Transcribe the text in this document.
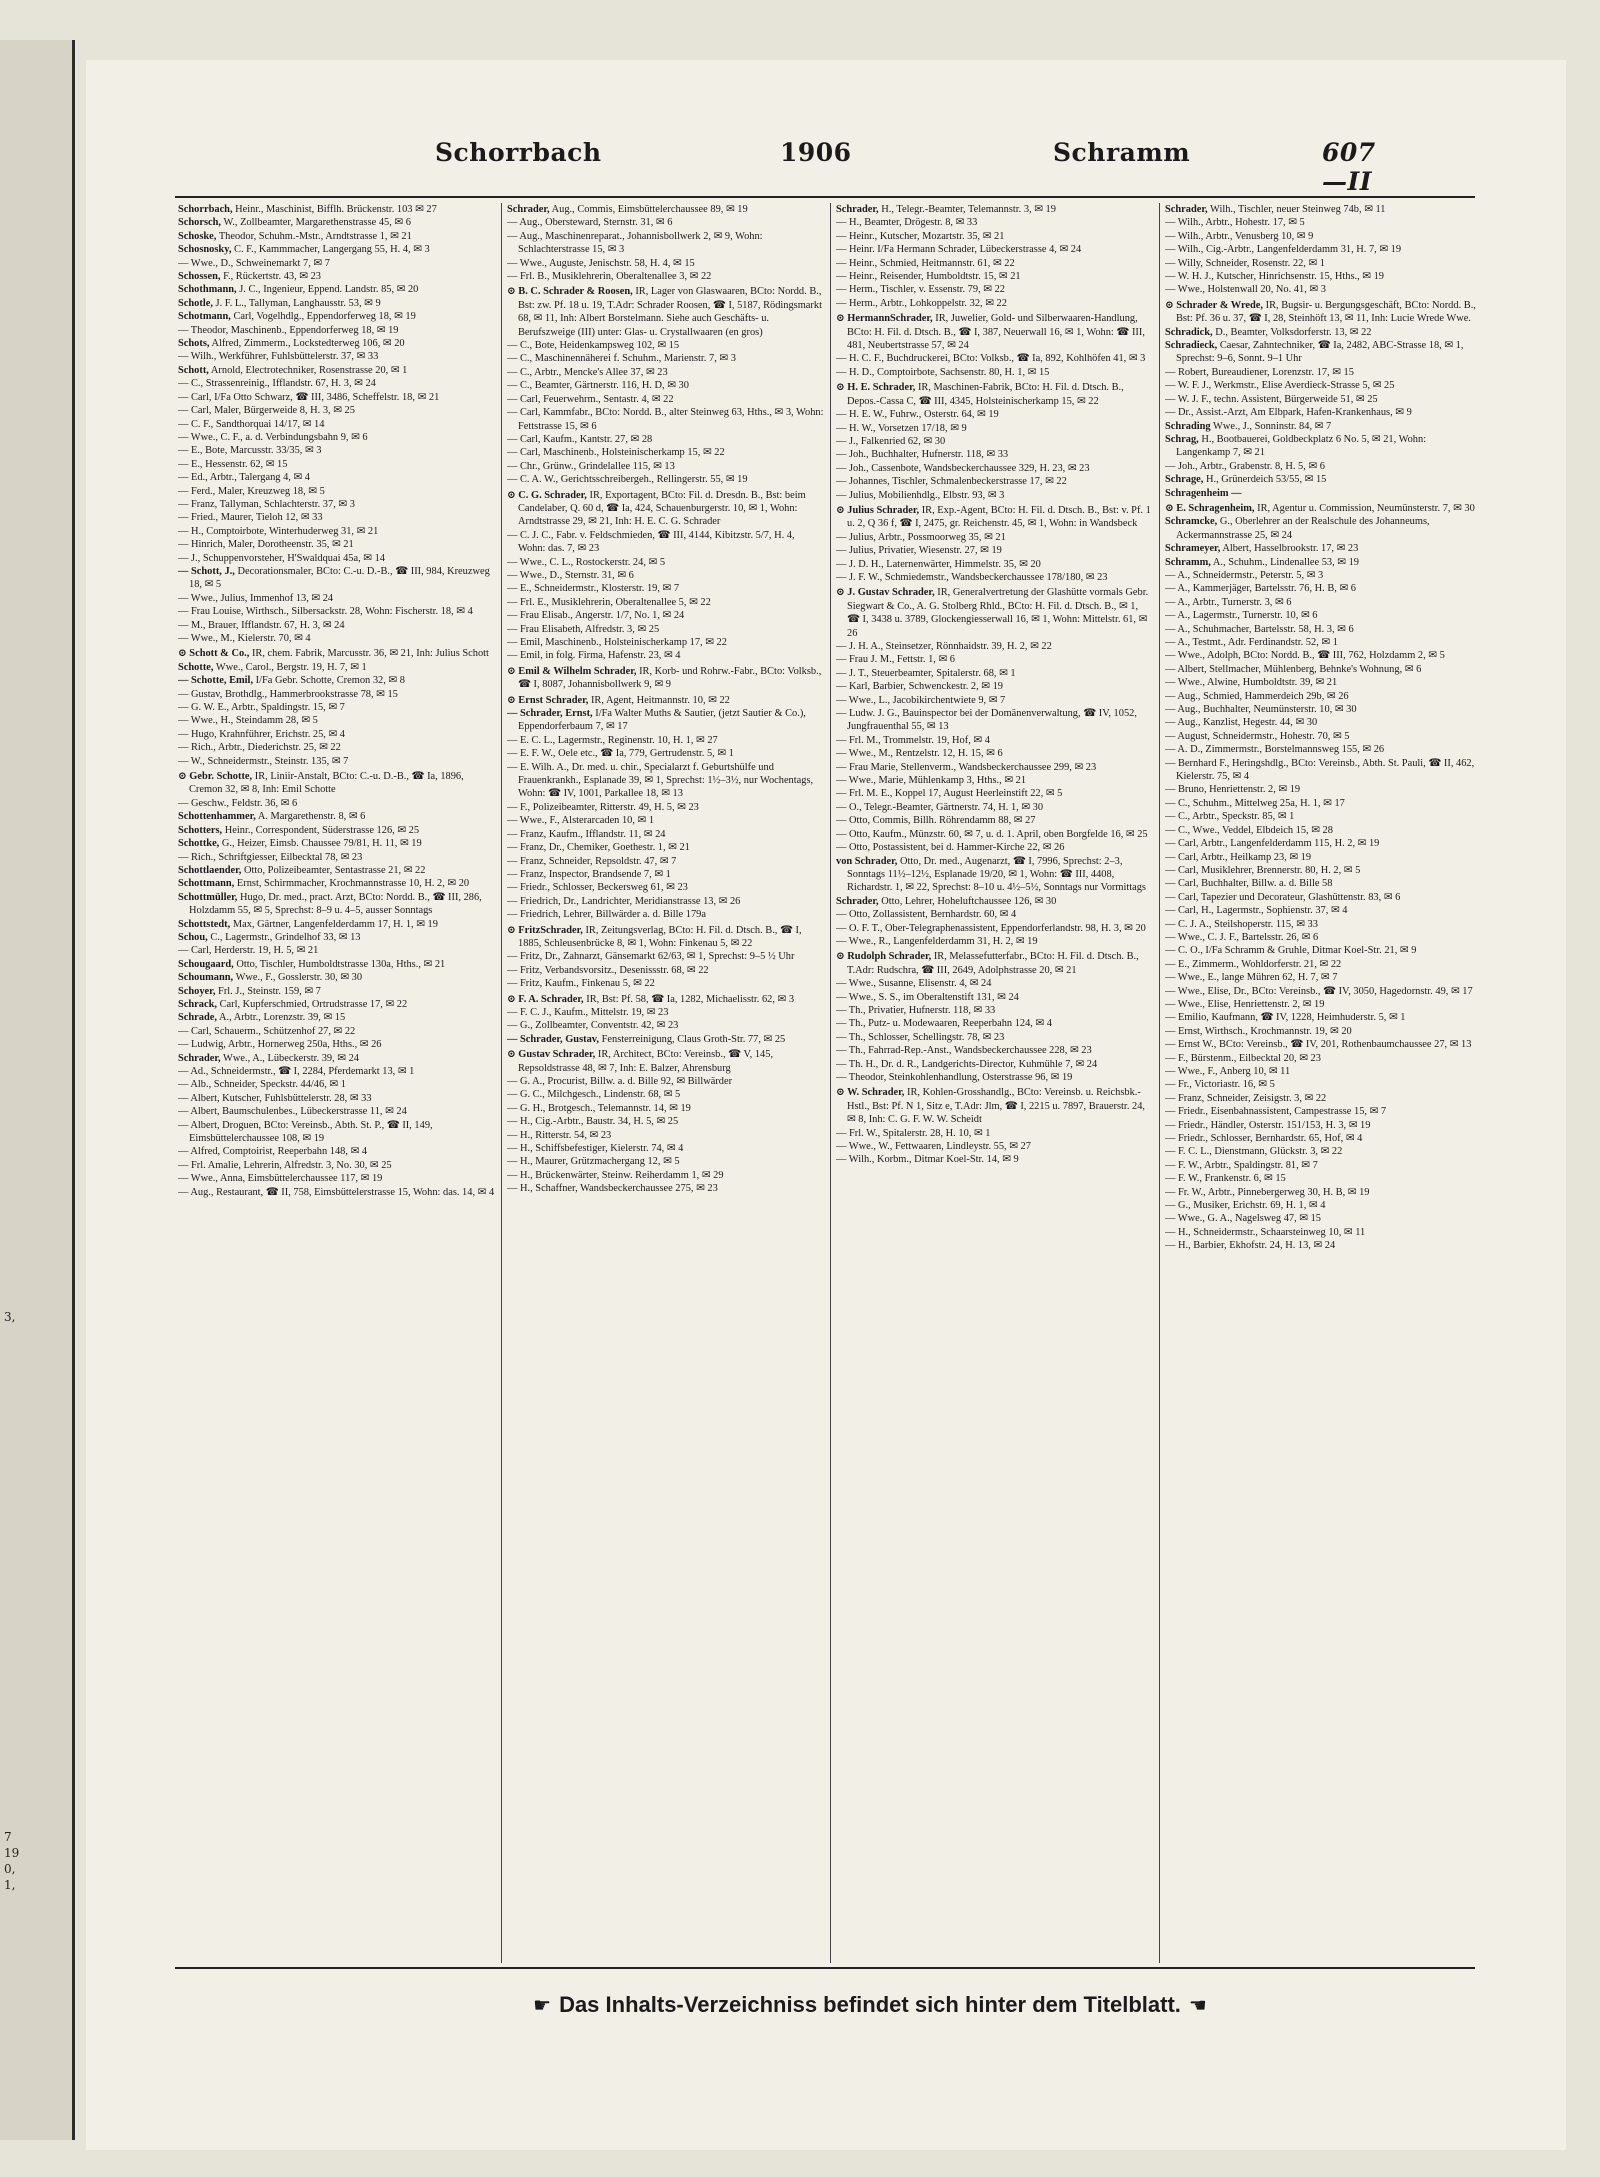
3,
7
19
0,
1,
Schorrbach	1906	Schramm	607—II
Schorrbach, Heinr., Maschinist, Bifflh. Brückenstr. 103 ✉ 27
Schorsch, W., Zollbeamter, Margarethenstrasse 45, ✉ 6
Schoske, Theodor, Schuhm.-Mstr., Arndtstrasse 1, ✉ 21
Schosnosky, C. F., Kammmacher, Langergang 55, H. 4, ✉ 3
— Wwe., D., Schweinemarkt 7, ✉ 7
Schossen, F., Rückertstr. 43, ✉ 23
Schothmann, J. C., Ingenieur, Eppend. Landstr. 85, ✉ 20
Schotle, J. F. L., Tallyman, Langhausstr. 53, ✉ 9
Schotmann, Carl, Vogelhdlg., Eppendorferweg 18, ✉ 19
— Theodor, Maschinenb., Eppendorferweg 18, ✉ 19
Schots, Alfred, Zimmerm., Lockstedterweg 106, ✉ 20
— Wilh., Werkführer, Fuhlsbüttelerstr. 37, ✉ 33
Schott, Arnold, Electrotechniker, Rosenstrasse 20, ✉ 1
— C., Strassenreinig., Ifflandstr. 67, H. 3, ✉ 24
— Carl, I/Fa Otto Schwarz, ☎ III, 3486, Scheffelstr. 18, ✉ 21
— Carl, Maler, Bürgerweide 8, H. 3, ✉ 25
— C. F., Sandthorquai 14/17, ✉ 14
— Wwe., C. F., a. d. Verbindungsbahn 9, ✉ 6
— E., Bote, Marcusstr. 33/35, ✉ 3
— E., Hessenstr. 62, ✉ 15
— Ed., Arbtr., Talergang 4, ✉ 4
— Ferd., Maler, Kreuzweg 18, ✉ 5
— Franz, Tallyman, Schlachterstr. 37, ✉ 3
— Fried., Maurer, Tieloh 12, ✉ 33
— H., Comptoirbote, Winterhuderweg 31, ✉ 21
— Hinrich, Maler, Dorotheenstr. 35, ✉ 21
— J., Schuppenvorsteher, H'Swaldquai 45a, ✉ 14
— Schott, J., Decorationsmaler, BCto: C.-u. D.-B., ☎ III, 984, Kreuzweg 18, ✉ 5
— Wwe., Julius, Immenhof 13, ✉ 24
— Frau Louise, Wirthsch., Silbersackstr. 28, Wohn: Fischerstr. 18, ✉ 4
— M., Brauer, Ifflandstr. 67, H. 3, ✉ 24
— Wwe., M., Kielerstr. 70, ✉ 4
⊙ Schott & Co., IR, chem. Fabrik, Marcusstr. 36, ✉ 21, Inh: Julius Schott
Schotte, Wwe., Carol., Bergstr. 19, H. 7, ✉ 1
— Schotte, Emil, I/Fa Gebr. Schotte, Cremon 32, ✉ 8
— Gustav, Brothdlg., Hammerbrookstrasse 78, ✉ 15
— G. W. E., Arbtr., Spaldingstr. 15, ✉ 7
— Wwe., H., Steindamm 28, ✉ 5
— Hugo, Krahnführer, Erichstr. 25, ✉ 4
— Rich., Arbtr., Diederichstr. 25, ✉ 22
— W., Schneidermstr., Steinstr. 135, ✉ 7
⊙ Gebr. Schotte, IR, Liniir-Anstalt, BCto: C.-u. D.-B., ☎ Ia, 1896, Cremon 32, ✉ 8, Inh: Emil Schotte
— Geschw., Feldstr. 36, ✉ 6
Schottenhammer, A. Margarethenstr. 8, ✉ 6
Schotters, Heinr., Correspondent, Süderstrasse 126, ✉ 25
Schottke, G., Heizer, Eimsb. Chaussee 79/81, H. 11, ✉ 19
— Rich., Schriftgiesser, Eilbecktal 78, ✉ 23
Schottlaender, Otto, Polizeibeamter, Sentastrasse 21, ✉ 22
Schottmann, Ernst, Schirmmacher, Krochmannstrasse 10, H. 2, ✉ 20
Schottmüller, Hugo, Dr. med., pract. Arzt, BCto: Nordd. B., ☎ III, 286, Holzdamm 55, ✉ 5, Sprechst: 8–9 u. 4–5, ausser Sonntags
Schottstedt, Max, Gärtner, Langenfelderdamm 17, H. 1, ✉ 19
Schou, C., Lagermstr., Grindelhof 33, ✉ 13
— Carl, Herderstr. 19, H. 5, ✉ 21
Schougaard, Otto, Tischler, Humboldtstrasse 130a, Hths., ✉ 21
Schoumann, Wwe., F., Gosslerstr. 30, ✉ 30
Schoyer, Frl. J., Steinstr. 159, ✉ 7
Schrack, Carl, Kupferschmied, Ortrudstrasse 17, ✉ 22
Schrade, A., Arbtr., Lorenzstr. 39, ✉ 15
— Carl, Schauerm., Schützenhof 27, ✉ 22
— Ludwig, Arbtr., Hornerweg 250a, Hths., ✉ 26
Schrader, Wwe., A., Lübeckerstr. 39, ✉ 24
— Ad., Schneidermstr., ☎ I, 2284, Pferdemarkt 13, ✉ 1
— Alb., Schneider, Speckstr. 44/46, ✉ 1
— Albert, Kutscher, Fuhlsbüttelerstr. 28, ✉ 33
— Albert, Baumschulenbes., Lübeckerstrasse 11, ✉ 24
— Albert, Droguen, BCto: Vereinsb., Abth. St. P., ☎ II, 149, Eimsbüttelerchaussee 108, ✉ 19
— Alfred, Comptoirist, Reeperbahn 148, ✉ 4
— Frl. Amalie, Lehrerin, Alfredstr. 3, No. 30, ✉ 25
— Wwe., Anna, Eimsbüttelerchaussee 117, ✉ 19
— Aug., Restaurant, ☎ II, 758, Eimsbüttelerstrasse 15, Wohn: das. 14, ✉ 4
Schrader, Aug., Commis, Eimsbüttelerchaussee 89, ✉ 19
— Aug., Obersteward, Sternstr. 31, ✉ 6
— Aug., Maschinenreparat., Johannisbollwerk 2, ✉ 9, Wohn: Schlachterstrasse 15, ✉ 3
— Wwe., Auguste, Jenischstr. 58, H. 4, ✉ 15
— Frl. B., Musiklehrerin, Oberaltenallee 3, ✉ 22
⊙ B. C. Schrader & Roosen, IR, Lager von Glaswaaren, BCto: Nordd. B., Bst: zw. Pf. 18 u. 19, T.Adr: Schrader Roosen, ☎ I, 5187, Rödingsmarkt 68, ✉ 11, Inh: Albert Borstelmann. Siehe auch Geschäfts- u. Berufszweige (III) unter: Glas- u. Crystallwaaren (en gros)
— C., Bote, Heidenkampsweg 102, ✉ 15
— C., Maschinennäherei f. Schuhm., Marienstr. 7, ✉ 3
— C., Arbtr., Mencke's Allee 37, ✉ 23
— C., Beamter, Gärtnerstr. 116, H. D, ✉ 30
— Carl, Feuerwehrm., Sentastr. 4, ✉ 22
— Carl, Kammfabr., BCto: Nordd. B., alter Steinweg 63, Hths., ✉ 3, Wohn: Fettstrasse 15, ✉ 6
— Carl, Kaufm., Kantstr. 27, ✉ 28
— Carl, Maschinenb., Holsteinischerkamp 15, ✉ 22
— Chr., Grünw., Grindelallee 115, ✉ 13
— C. A. W., Gerichtsschreibergeh., Rellingerstr. 55, ✉ 19
⊙ C. G. Schrader, IR, Exportagent, BCto: Fil. d. Dresdn. B., Bst: beim Candelaber, Q. 60 d, ☎ Ia, 424, Schauenburgerstr. 10, ✉ 1, Wohn: Arndtstrasse 29, ✉ 21, Inh: H. E. C. G. Schrader
— C. J. C., Fabr. v. Feldschmieden, ☎ III, 4144, Kibitzstr. 5/7, H. 4, Wohn: das. 7, ✉ 23
— Wwe., C. L., Rostockerstr. 24, ✉ 5
— Wwe., D., Sternstr. 31, ✉ 6
— E., Schneidermstr., Klosterstr. 19, ✉ 7
— Frl. E., Musiklehrerin, Oberaltenallee 5, ✉ 22
— Frau Elisab., Angerstr. 1/7, No. 1, ✉ 24
— Frau Elisabeth, Alfredstr. 3, ✉ 25
— Emil, Maschinenb., Holsteinischerkamp 17, ✉ 22
— Emil, in folg. Firma, Hafenstr. 23, ✉ 4
⊙ Emil & Wilhelm Schrader, IR, Korb- und Rohrw.-Fabr., BCto: Volksb., ☎ I, 8087, Johannisbollwerk 9, ✉ 9
⊙ Ernst Schrader, IR, Agent, Heitmannstr. 10, ✉ 22
— Schrader, Ernst, I/Fa Walter Muths & Sautier, (jetzt Sautier & Co.), Eppendorferbaum 7, ✉ 17
— E. C. L., Lagermstr., Reginenstr. 10, H. 1, ✉ 27
— E. F. W., Oele etc., ☎ Ia, 779, Gertrudenstr. 5, ✉ 1
— E. Wilh. A., Dr. med. u. chir., Specialarzt f. Geburtshülfe und Frauenkrankh., Esplanade 39, ✉ 1, Sprechst: 1½–3½, nur Wochentags, Wohn: ☎ IV, 1001, Parkallee 18, ✉ 13
— F., Polizeibeamter, Ritterstr. 49, H. 5, ✉ 23
— Wwe., F., Alsterarcaden 10, ✉ 1
— Franz, Kaufm., Ifflandstr. 11, ✉ 24
— Franz, Dr., Chemiker, Goethestr. 1, ✉ 21
— Franz, Schneider, Repsoldstr. 47, ✉ 7
— Franz, Inspector, Brandsende 7, ✉ 1
— Friedr., Schlosser, Beckersweg 61, ✉ 23
— Friedrich, Dr., Landrichter, Meridianstrasse 13, ✉ 26
— Friedrich, Lehrer, Billwärder a. d. Bille 179a
⊙ FritzSchrader, IR, Zeitungsverlag, BCto: H. Fil. d. Dtsch. B., ☎ I, 1885, Schleusenbrücke 8, ✉ 1, Wohn: Finkenau 5, ✉ 22
— Fritz, Dr., Zahnarzt, Gänsemarkt 62/63, ✉ 1, Sprechst: 9–5 ½ Uhr
— Fritz, Verbandsvorsitz., Desenissstr. 68, ✉ 22
— Fritz, Kaufm., Finkenau 5, ✉ 22
⊙ F. A. Schrader, IR, Bst: Pf. 58, ☎ Ia, 1282, Michaelisstr. 62, ✉ 3
— F. C. J., Kaufm., Mittelstr. 19, ✉ 23
— G., Zollbeamter, Conventstr. 42, ✉ 23
— Schrader, Gustav, Fensterreinigung, Claus Groth-Str. 77, ✉ 25
⊙ Gustav Schrader, IR, Architect, BCto: Vereinsb., ☎ V, 145, Repsoldstrasse 48, ✉ 7, Inh: E. Balzer, Ahrensburg
— G. A., Procurist, Billw. a. d. Bille 92, ✉ Billwärder
— G. C., Milchgesch., Lindenstr. 68, ✉ 5
— G. H., Brotgesch., Telemannstr. 14, ✉ 19
— H., Cig.-Arbtr., Baustr. 34, H. 5, ✉ 25
— H., Ritterstr. 54, ✉ 23
— H., Schiffsbefestiger, Kielerstr. 74, ✉ 4
— H., Maurer, Grützmachergang 12, ✉ 5
— H., Brückenwärter, Steinw. Reiherdamm 1, ✉ 29
— H., Schaffner, Wandsbeckerchaussee 275, ✉ 23
Schrader, H., Telegr.-Beamter, Telemannstr. 3, ✉ 19
— H., Beamter, Drögestr. 8, ✉ 33
— Heinr., Kutscher, Mozartstr. 35, ✉ 21
— Heinr. I/Fa Hermann Schrader, Lübeckerstrasse 4, ✉ 24
— Heinr., Schmied, Heitmannstr. 61, ✉ 22
— Heinr., Reisender, Humboldtstr. 15, ✉ 21
— Herm., Tischler, v. Essenstr. 79, ✉ 22
— Herm., Arbtr., Lohkoppelstr. 32, ✉ 22
⊙ HermannSchrader, IR, Juwelier, Gold- und Silberwaaren-Handlung, BCto: H. Fil. d. Dtsch. B., ☎ I, 387, Neuerwall 16, ✉ 1, Wohn: ☎ III, 481, Neubertstrasse 57, ✉ 24
— H. C. F., Buchdruckerei, BCto: Volksb., ☎ Ia, 892, Kohlhöfen 41, ✉ 3
— H. D., Comptoirbote, Sachsenstr. 80, H. 1, ✉ 15
⊙ H. E. Schrader, IR, Maschinen-Fabrik, BCto: H. Fil. d. Dtsch. B., Depos.-Cassa C, ☎ III, 4345, Holsteinischerkamp 15, ✉ 22
— H. E. W., Fuhrw., Osterstr. 64, ✉ 19
— H. W., Vorsetzen 17/18, ✉ 9
— J., Falkenried 62, ✉ 30
— Joh., Buchhalter, Hufnerstr. 118, ✉ 33
— Joh., Cassenbote, Wandsbeckerchaussee 329, H. 23, ✉ 23
— Johannes, Tischler, Schmalenbeckerstrasse 17, ✉ 22
— Julius, Mobilienhdlg., Elbstr. 93, ✉ 3
⊙ Julius Schrader, IR, Exp.-Agent, BCto: H. Fil. d. Dtsch. B., Bst: v. Pf. 1 u. 2, Q 36 f, ☎ I, 2475, gr. Reichenstr. 45, ✉ 1, Wohn: in Wandsbeck
— Julius, Arbtr., Possmoorweg 35, ✉ 21
— Julius, Privatier, Wiesenstr. 27, ✉ 19
— J. D. H., Laternenwärter, Himmelstr. 35, ✉ 20
— J. F. W., Schmiedemstr., Wandsbeckerchaussee 178/180, ✉ 23
⊙ J. Gustav Schrader, IR, Generalvertretung der Glashütte vormals Gebr. Siegwart & Co., A. G. Stolberg Rhld., BCto: H. Fil. d. Dtsch. B., ✉ 1, ☎ I, 3438 u. 3789, Glockengiesserwall 16, ✉ 1, Wohn: Mittelstr. 61, ✉ 26
— J. H. A., Steinsetzer, Rönnhaidstr. 39, H. 2, ✉ 22
— Frau J. M., Fettstr. 1, ✉ 6
— J. T., Steuerbeamter, Spitalerstr. 68, ✉ 1
— Karl, Barbier, Schwenckestr. 2, ✉ 19
— Wwe., L., Jacobikirchentwiete 9, ✉ 7
— Ludw. J. G., Bauinspector bei der Domänenverwaltung, ☎ IV, 1052, Jungfrauenthal 55, ✉ 13
— Frl. M., Trommelstr. 19, Hof, ✉ 4
— Wwe., M., Rentzelstr. 12, H. 15, ✉ 6
— Frau Marie, Stellenverm., Wandsbeckerchaussee 299, ✉ 23
— Wwe., Marie, Mühlenkamp 3, Hths., ✉ 21
— Frl. M. E., Koppel 17, August Heerleinstift 22, ✉ 5
— O., Telegr.-Beamter, Gärtnerstr. 74, H. 1, ✉ 30
— Otto, Commis, Billh. Röhrendamm 88, ✉ 27
— Otto, Kaufm., Münzstr. 60, ✉ 7, u. d. 1. April, oben Borgfelde 16, ✉ 25
— Otto, Postassistent, bei d. Hammer-Kirche 22, ✉ 26
von Schrader, Otto, Dr. med., Augenarzt, ☎ I, 7996, Sprechst: 2–3, Sonntags 11½–12½, Esplanade 19/20, ✉ 1, Wohn: ☎ III, 4408, Richardstr. 1, ✉ 22, Sprechst: 8–10 u. 4½–5½, Sonntags nur Vormittags
Schrader, Otto, Lehrer, Hoheluftchaussee 126, ✉ 30
— Otto, Zollassistent, Bernhardstr. 60, ✉ 4
— O. F. T., Ober-Telegraphenassistent, Eppendorferlandstr. 98, H. 3, ✉ 20
— Wwe., R., Langenfelderdamm 31, H. 2, ✉ 19
⊙ Rudolph Schrader, IR, Melassefutterfabr., BCto: H. Fil. d. Dtsch. B., T.Adr: Rudschra, ☎ III, 2649, Adolphstrasse 20, ✉ 21
— Wwe., Susanne, Elisenstr. 4, ✉ 24
— Wwe., S. S., im Oberaltenstift 131, ✉ 24
— Th., Privatier, Hufnerstr. 118, ✉ 33
— Th., Putz- u. Modewaaren, Reeperbahn 124, ✉ 4
— Th., Schlosser, Schellingstr. 78, ✉ 23
— Th., Fahrrad-Rep.-Anst., Wandsbeckerchaussee 228, ✉ 23
— Th. H., Dr. d. R., Landgerichts-Director, Kuhmühle 7, ✉ 24
— Theodor, Steinkohlenhandlung, Osterstrasse 96, ✉ 19
⊙ W. Schrader, IR, Kohlen-Grosshandlg., BCto: Vereinsb. u. Reichsbk.-Hstl., Bst: Pf. N 1, Sitz e, T.Adr: Jlm, ☎ I, 2215 u. 7897, Brauerstr. 24, ✉ 8, Inh: C. G. F. W. W. Scheidt
— Frl. W., Spitalerstr. 28, H. 10, ✉ 1
— Wwe., W., Fettwaaren, Lindleystr. 55, ✉ 27
— Wilh., Korbm., Ditmar Koel-Str. 14, ✉ 9
Schrader, Wilh., Tischler, neuer Steinweg 74b, ✉ 11
— Wilh., Arbtr., Hohestr. 17, ✉ 5
— Wilh., Arbtr., Venusberg 10, ✉ 9
— Wilh., Cig.-Arbtr., Langenfelderdamm 31, H. 7, ✉ 19
— Willy, Schneider, Rosenstr. 22, ✉ 1
— W. H. J., Kutscher, Hinrichsenstr. 15, Hths., ✉ 19
— Wwe., Holstenwall 20, No. 41, ✉ 3
⊙ Schrader & Wrede, IR, Bugsir- u. Bergungsgeschäft, BCto: Nordd. B., Bst: Pf. 36 u. 37, ☎ I, 28, Steinhöft 13, ✉ 11, Inh: Lucie Wrede Wwe.
Schradick, D., Beamter, Volksdorferstr. 13, ✉ 22
Schradieck, Caesar, Zahntechniker, ☎ Ia, 2482, ABC-Strasse 18, ✉ 1, Sprechst: 9–6, Sonnt. 9–1 Uhr
— Robert, Bureaudiener, Lorenzstr. 17, ✉ 15
— W. F. J., Werkmstr., Elise Averdieck-Strasse 5, ✉ 25
— W. J. F., techn. Assistent, Bürgerweide 51, ✉ 25
— Dr., Assist.-Arzt, Am Elbpark, Hafen-Krankenhaus, ✉ 9
Schrading Wwe., J., Sonninstr. 84, ✉ 7
Schrag, H., Bootbauerei, Goldbeckplatz 6 No. 5, ✉ 21, Wohn: Langenkamp 7, ✉ 21
— Joh., Arbtr., Grabenstr. 8, H. 5, ✉ 6
Schrage, H., Grünerdeich 53/55, ✉ 15
Schragenheim —
⊙ E. Schragenheim, IR, Agentur u. Commission, Neumünsterstr. 7, ✉ 30
Schramcke, G., Oberlehrer an der Realschule des Johanneums, Ackermannstrasse 25, ✉ 24
Schrameyer, Albert, Hasselbrookstr. 17, ✉ 23
Schramm, A., Schuhm., Lindenallee 53, ✉ 19
— A., Schneidermstr., Peterstr. 5, ✉ 3
— A., Kammerjäger, Bartelsstr. 76, H. B, ✉ 6
— A., Arbtr., Turnerstr. 3, ✉ 6
— A., Lagermstr., Turnerstr. 10, ✉ 6
— A., Schuhmacher, Bartelsstr. 58, H. 3, ✉ 6
— A., Testmt., Adr. Ferdinandstr. 52, ✉ 1
— Wwe., Adolph, BCto: Nordd. B., ☎ III, 762, Holzdamm 2, ✉ 5
— Albert, Stellmacher, Mühlenberg, Behnke's Wohnung, ✉ 6
— Wwe., Alwine, Humboldtstr. 39, ✉ 21
— Aug., Schmied, Hammerdeich 29b, ✉ 26
— Aug., Buchhalter, Neumünsterstr. 10, ✉ 30
— Aug., Kanzlist, Hegestr. 44, ✉ 30
— August, Schneidermstr., Hohestr. 70, ✉ 5
— A. D., Zimmermstr., Borstelmannsweg 155, ✉ 26
— Bernhard F., Heringshdlg., BCto: Vereinsb., Abth. St. Pauli, ☎ II, 462, Kielerstr. 75, ✉ 4
— Bruno, Henriettenstr. 2, ✉ 19
— C., Schuhm., Mittelweg 25a, H. 1, ✉ 17
— C., Arbtr., Speckstr. 85, ✉ 1
— C., Wwe., Veddel, Elbdeich 15, ✉ 28
— Carl, Arbtr., Langenfelderdamm 115, H. 2, ✉ 19
— Carl, Arbtr., Heilkamp 23, ✉ 19
— Carl, Musiklehrer, Brennerstr. 80, H. 2, ✉ 5
— Carl, Buchhalter, Billw. a. d. Bille 58
— Carl, Tapezier und Decorateur, Glashüttenstr. 83, ✉ 6
— Carl, H., Lagermstr., Sophienstr. 37, ✉ 4
— C. J. A., Steilshoperstr. 115, ✉ 33
— Wwe., C. J. F., Bartelsstr. 26, ✉ 6
— C. O., I/Fa Schramm & Gruhle, Ditmar Koel-Str. 21, ✉ 9
— E., Zimmerm., Wohldorferstr. 21, ✉ 22
— Wwe., E., lange Mühren 62, H. 7, ✉ 7
— Wwe., Elise, Dr., BCto: Vereinsb., ☎ IV, 3050, Hagedornstr. 49, ✉ 17
— Wwe., Elise, Henriettenstr. 2, ✉ 19
— Emilio, Kaufmann, ☎ IV, 1228, Heimhuderstr. 5, ✉ 1
— Ernst, Wirthsch., Krochmannstr. 19, ✉ 20
— Ernst W., BCto: Vereinsb., ☎ IV, 201, Rothenbaumchaussee 27, ✉ 13
— F., Bürstenm., Eilbecktal 20, ✉ 23
— Wwe., F., Anberg 10, ✉ 11
— Fr., Victoriastr. 16, ✉ 5
— Franz, Schneider, Zeisigstr. 3, ✉ 22
— Friedr., Eisenbahnassistent, Campestrasse 15, ✉ 7
— Friedr., Händler, Osterstr. 151/153, H. 3, ✉ 19
— Friedr., Schlosser, Bernhardstr. 65, Hof, ✉ 4
— F. C. L., Dienstmann, Glückstr. 3, ✉ 22
— F. W., Arbtr., Spaldingstr. 81, ✉ 7
— F. W., Frankenstr. 6, ✉ 15
— Fr. W., Arbtr., Pinnebergerweg 30, H. B, ✉ 19
— G., Musiker, Erichstr. 69, H. 1, ✉ 4
— Wwe., G. A., Nagelsweg 47, ✉ 15
— H., Schneidermstr., Schaarsteinweg 10, ✉ 11
— H., Barbier, Ekhofstr. 24, H. 13, ✉ 24
☛ Das Inhalts-Verzeichniss befindet sich hinter dem Titelblatt. ☚
